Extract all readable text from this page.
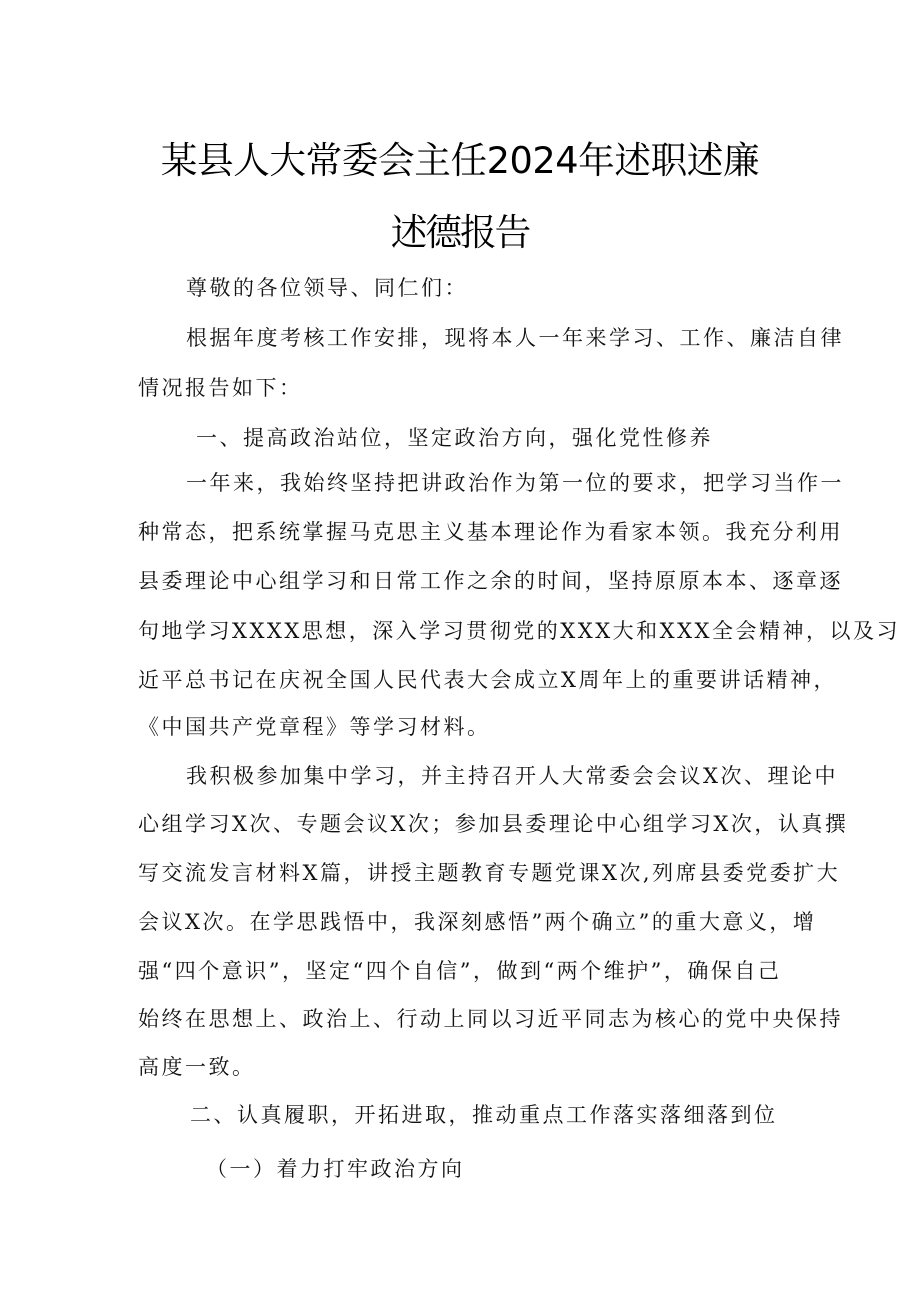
某县人大常委会主任2024年述职述廉
述德报告
尊敬的各位领导、同仁们：
根据年度考核工作安排，现将本人一年来学习、工作、廉洁自律
情况报告如下：
一、提高政治站位，坚定政治方向，强化党性修养
一年来，我始终坚持把讲政治作为第一位的要求，把学习当作一
种常态，把系统掌握马克思主义基本理论作为看家本领。我充分利用
县委理论中心组学习和日常工作之余的时间，坚持原原本本、逐章逐
句地学习XXXX思想，深入学习贯彻党的XXX大和XXX全会精神，以及习
近平总书记在庆祝全国人民代表大会成立X周年上的重要讲话精神，
《中国共产党章程》等学习材料。
我积极参加集中学习，并主持召开人大常委会会议X次、理论中
心组学习X次、专题会议X次；参加县委理论中心组学习X次，认真撰
写交流发言材料X篇，讲授主题教育专题党课X次,列席县委党委扩大
会议X次。在学思践悟中，我深刻感悟”两个确立”的重大意义，增
强“四个意识”，坚定“四个自信”，做到“两个维护”，确保自己
始终在思想上、政治上、行动上同以习近平同志为核心的党中央保持
高度一致。
二、认真履职，开拓进取，推动重点工作落实落细落到位
（一）着力打牢政治方向
